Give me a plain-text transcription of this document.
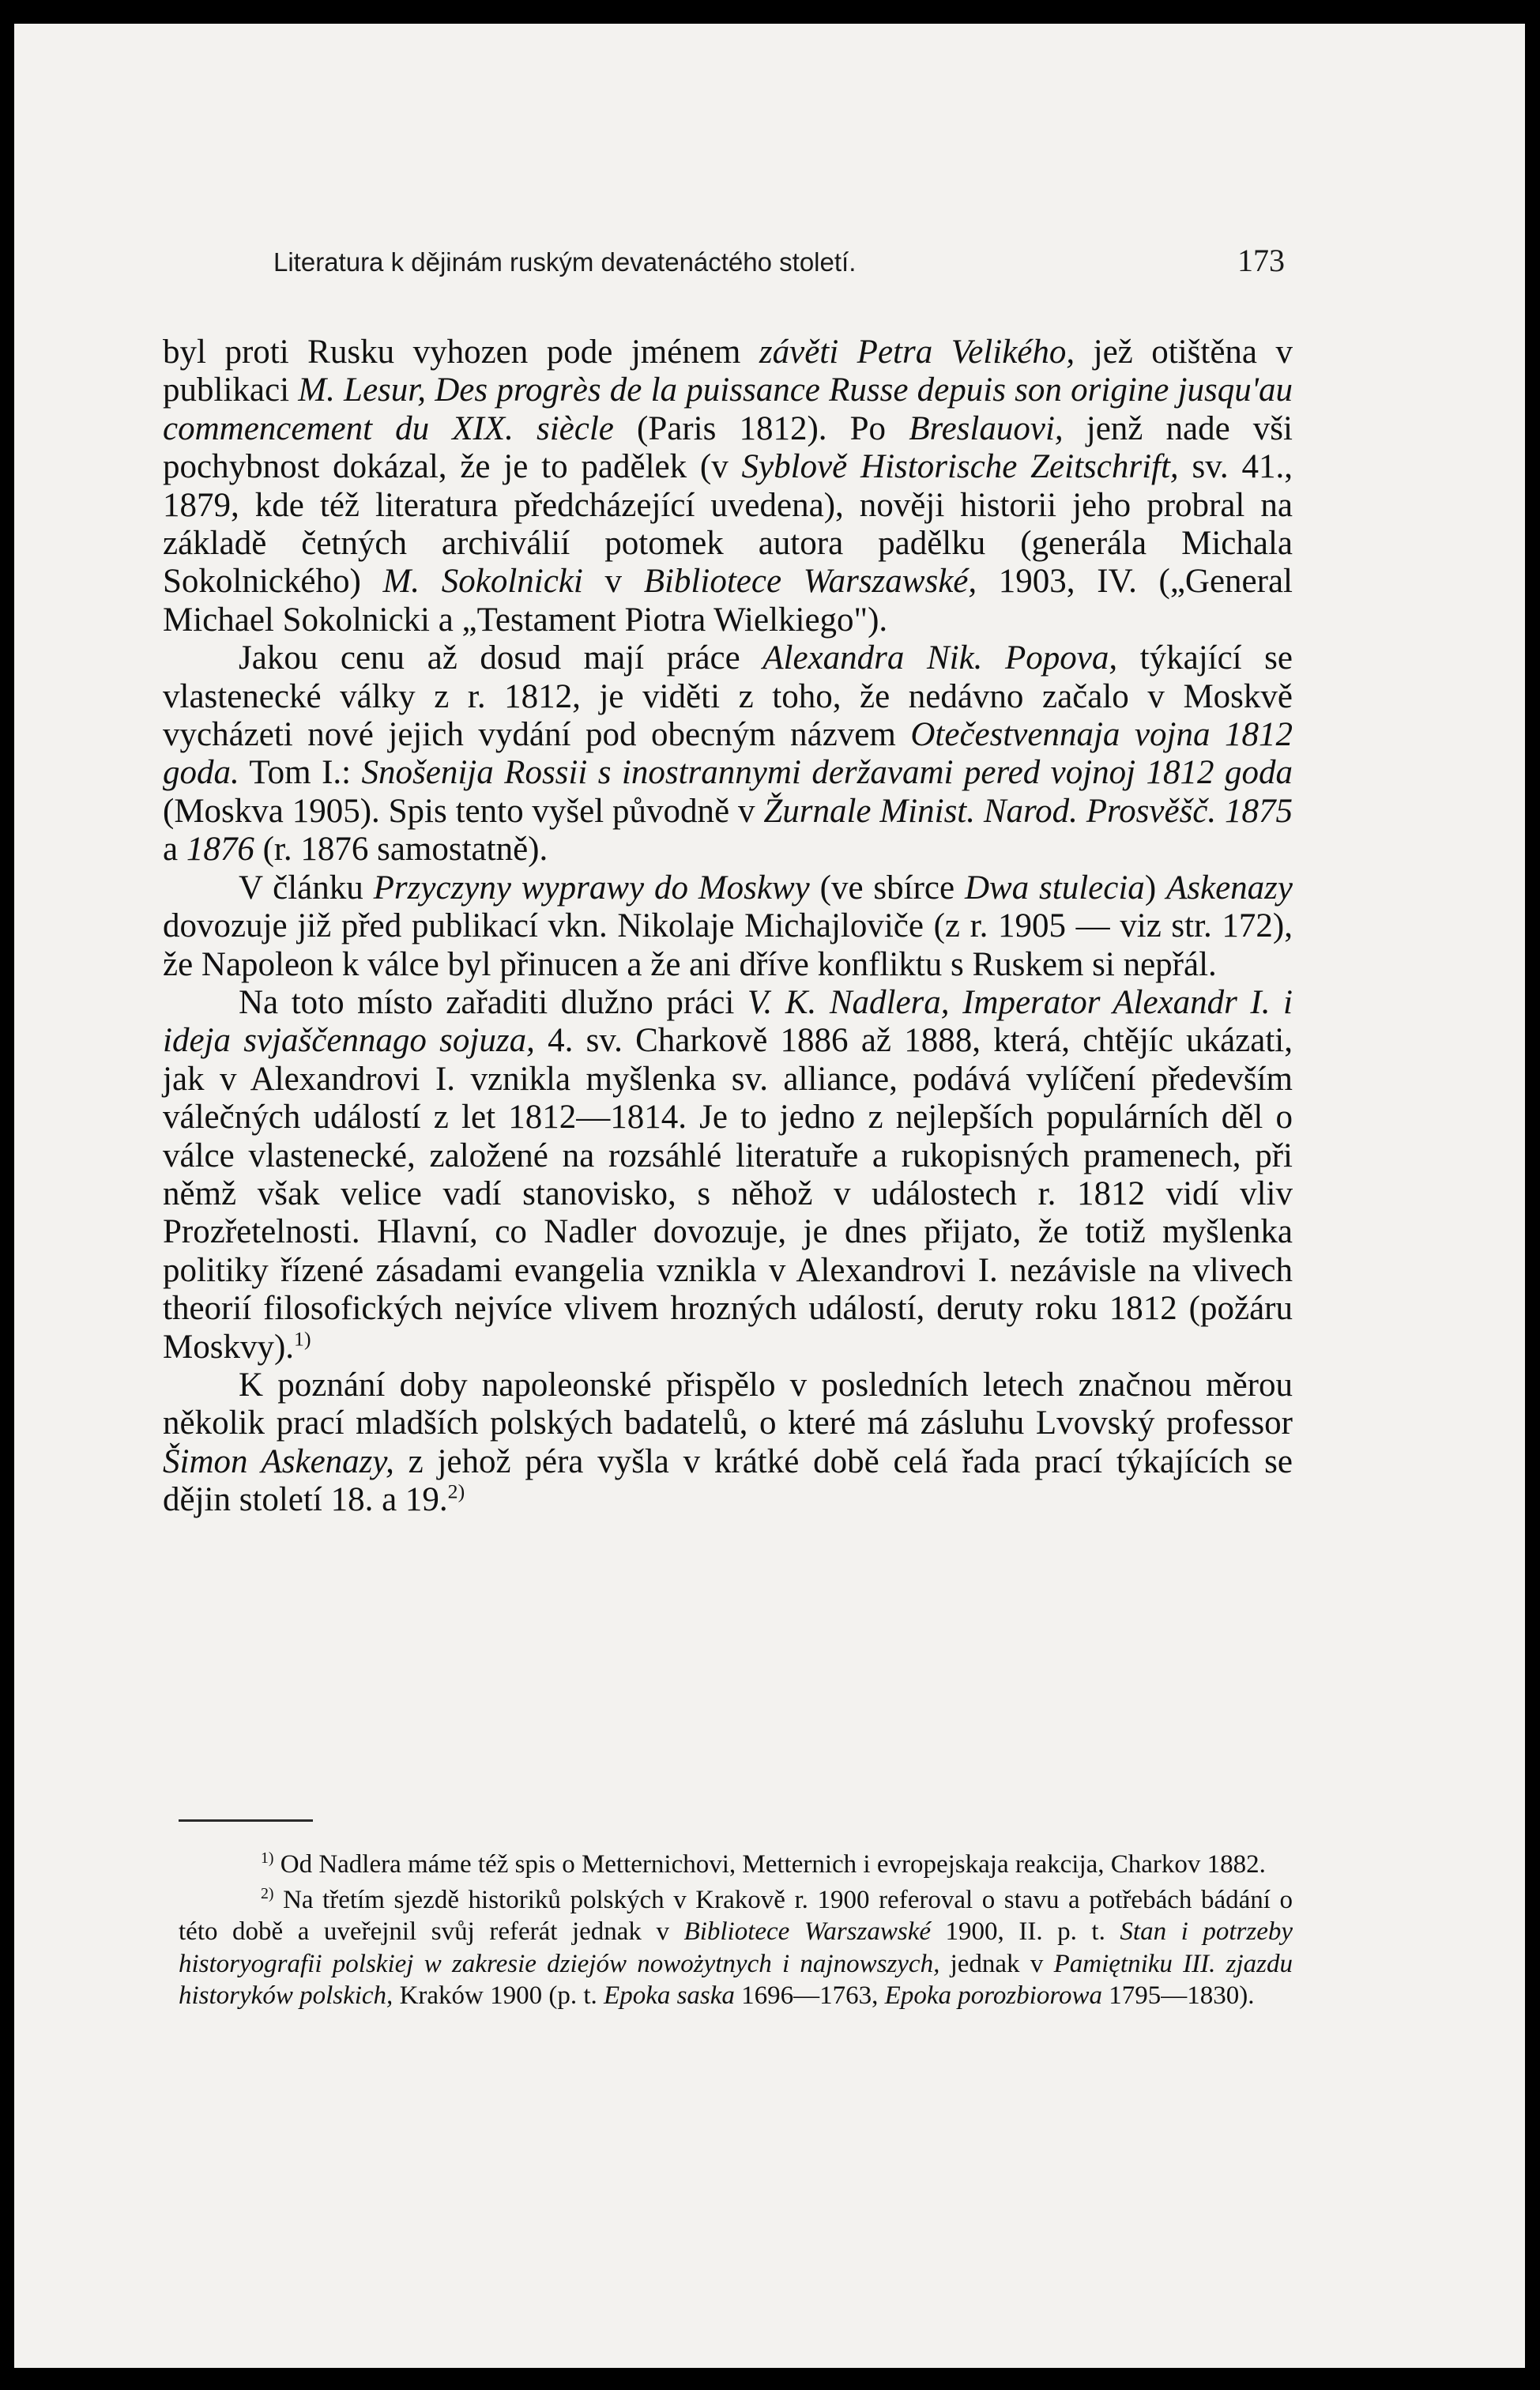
Literatura k dějinám ruským devatenáctého století.	173

byl proti Rusku vyhozen pode jménem závěti Petra Velikého, jež otištěna v publikaci M. Lesur, Des progrès de la puissance Russe depuis son origine jusqu'au commencement du XIX. siècle (Paris 1812). Po Breslauovi, jenž nade vši pochybnost dokázal, že je to padělek (v Syblově Historische Zeitschrift, sv. 41., 1879, kde též literatura předcházející uvedena), nověji historii jeho probral na základě četných archiválií potomek autora padělku (generála Michala Sokolnického) M. Sokolnicki v Bibliotece Warszawské, 1903, IV. („General Michael Sokolnicki a „Testament Piotra Wielkiego").

Jakou cenu až dosud mají práce Alexandra Nik. Popova, týkající se vlastenecké války z r. 1812, je viděti z toho, že nedávno začalo v Moskvě vycházeti nové jejich vydání pod obecným názvem Otečestvennaja vojna 1812 goda. Tom I.: Snošenija Rossii s inostrannymi deržavami pered vojnoj 1812 goda (Moskva 1905). Spis tento vyšel původně v Žurnale Minist. Narod. Prosvěšč. 1875 a 1876 (r. 1876 samostatně).

V článku Przyczyny wyprawy do Moskwy (ve sbírce Dwa stulecia) Askenazy dovozuje již před publikací vkn. Nikolaje Michajloviče (z r. 1905 — viz str. 172), že Napoleon k válce byl přinucen a že ani dříve konfliktu s Ruskem si nepřál.

Na toto místo zařaditi dlužno práci V. K. Nadlera, Imperator Alexandr I. i ideja svjaščennago sojuza, 4. sv. Charkově 1886 až 1888, která, chtějíc ukázati, jak v Alexandrovi I. vznikla myšlenka sv. alliance, podává vylíčení především válečných událostí z let 1812—1814. Je to jedno z nejlepších populárních děl o válce vlastenecké, založené na rozsáhlé literatuře a rukopisných pramenech, při němž však velice vadí stanovisko, s něhož v událostech r. 1812 vidí vliv Prozřetelnosti. Hlavní, co Nadler dovozuje, je dnes přijato, že totiž myšlenka politiky řízené zásadami evangelia vznikla v Alexandrovi I. nezávisle na vlivech theorií filosofických nejvíce vlivem hrozných událostí, deruty roku 1812 (požáru Moskvy).$^{1)}$

K poznání doby napoleonské přispělo v posledních letech značnou měrou několik prací mladších polských badatelů, o které má zásluhu Lvovský professor Šimon Askenazy, z jehož péra vyšla v krátké době celá řada prací týkajících se dějin století 18. a 19.$^{2)}$

$^{1)}$ Od Nadlera máme též spis o Metternichovi, Metternich i evropejskaja reakcija, Charkov 1882.

$^{2)}$ Na třetím sjezdě historiků polských v Krakově r. 1900 referoval o stavu a potřebách bádání o této době a uveřejnil svůj referát jednak v Bibliotece Warszawské 1900, II. p. t. Stan i potrzeby historyografii polskiej w zakresie dziejów nowożytnych i najnowszych, jednak v Pamiętniku III. zjazdu historyków polskich, Kraków 1900 (p. t. Epoka saska 1696—1763, Epoka porozbiorowa 1795—1830).
